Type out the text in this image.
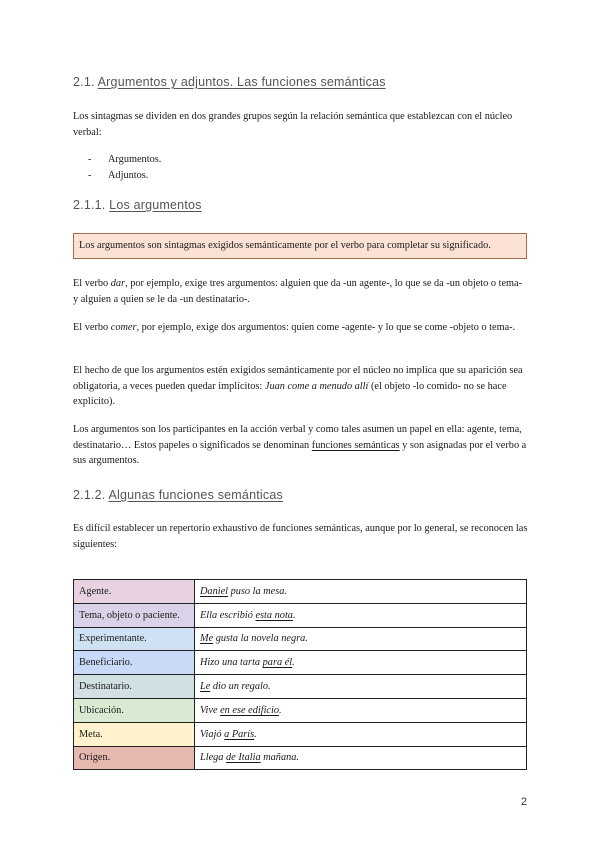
2.1. Argumentos y adjuntos. Las funciones semánticas

Los sintagmas se dividen en dos grandes grupos según la relación semántica que establezcan con el núcleo verbal:

-	Argumentos.
-	Adjuntos.
2.1.1. Los argumentos
Los argumentos son sintagmas exigidos semánticamente por el verbo para completar su significado.

El verbo dar, por ejemplo, exige tres argumentos: alguien que da -un agente-, lo que se da -un objeto o tema- y alguien a quien se le da -un destinatario-.

El verbo comer, por ejemplo, exige dos argumentos: quien come -agente- y lo que se come -objeto o tema-.

El hecho de que los argumentos estén exigidos semánticamente por el núcleo no implica que su aparición sea obligatoria, a veces pueden quedar implícitos: Juan come a menudo allí (el objeto -lo comido- no se hace explícito).

Los argumentos son los participantes en la acción verbal y como tales asumen un papel en ella: agente, tema, destinatario… Estos papeles o significados se denominan funciones semánticas y son asignadas por el verbo a sus argumentos.

2.1.2. Algunas funciones semánticas

Es difícil establecer un repertorio exhaustivo de funciones semánticas, aunque por lo general, se reconocen las siguientes:

Agente.	Daniel puso la mesa.
Tema, objeto o paciente.	Ella escribió esta nota.
Experimentante.	Me gusta la novela negra.
Beneficiario.	Hizo una tarta para él.
Destinatario.	Le dio un regalo.
Ubicación.	Vive en ese edificio.
Meta.	Viajó a París.
Origen.	Llega de Italia mañana.
2
